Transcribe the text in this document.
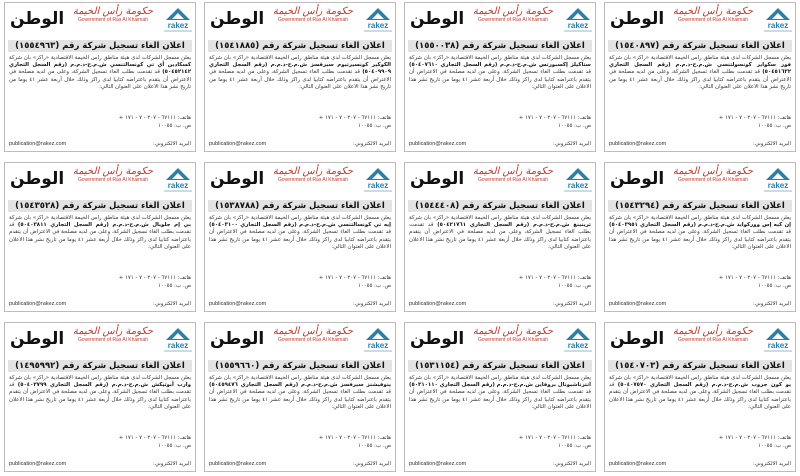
rakez
حكومة رأس الخيمة
Government of Ras Al Khaimah
الوطن
اعلان الغاء تسجيل شركة رقم (١٥٤٠٨٩٧)
يعلن مسجل الشركات لدى هيئة مناطق رأس الخيمة الاقتصادية «راكز» بأن شركة فور سكواير كونسولتنسي ش.م.ح-ذ.م.م (رقم السجل التجاري ٥٠٤٥١٦٣٢) قد تقدمت بطلب الغاء تسجيل الشركة، وعلى من لديه مصلحة في الاعتراض أن يتقدم باعتراضه كتابيا لدى راكز وذلك خلال أربعة عشر ٤١ يوما من تاريخ نشر هذا الاعلان على العنوان التالي:
هاتف: ٦٧١١١ - ٢٠٧ - ٧ - ١٧١ +
ص. ب: ١٠٠٥٥
البريد الالكتروني:
publication@rakez.com
rakez
حكومة رأس الخيمة
Government of Ras Al Khaimah
الوطن
اعلان الغاء تسجيل شركة رقم (١٥٥٠٠٣٨)
يعلن مسجل الشركات لدى هيئة مناطق رأس الخيمة الاقتصادية «راكز» بأن شركة ستاكيلز إكسبورتس ش.م.ح-ذ.م.م (رقم السجل التجاري ٥٠٤٠٧٦١٠) قد تقدمت بطلب الغاء تسجيل الشركة، وعلى من لديه مصلحة في الاعتراض أن يتقدم باعتراضه كتابيا لدى راكز وذلك خلال أربعة عشر ٤١ يوما من تاريخ نشر هذا الاعلان على العنوان التالي:
هاتف: ٦٧١١١ - ٢٠٧ - ٧ - ١٧١ +
ص. ب: ١٠٠٥٥
البريد الالكتروني:
publication@rakez.com
rakez
حكومة رأس الخيمة
Government of Ras Al Khaimah
الوطن
اعلان الغاء تسجيل شركة رقم (١٥٤١٨٨٥)
يعلن مسجل الشركات لدى هيئة مناطق رأس الخيمة الاقتصادية «راكز» بأن شركة الكوكير كونسيرتيوم سيرفسز ش.م.ح-ذ.م.م (رقم السجل التجاري ٥٠٤٠٩٩٠٩) قد تقدمت بطلب الغاء تسجيل الشركة، وعلى من لديه مصلحة في الاعتراض أن يتقدم باعتراضه كتابيا لدى راكز وذلك خلال أربعة عشر ٤١ يوما من تاريخ نشر هذا الاعلان على العنوان التالي:
هاتف: ٦٧١١١ - ٢٠٧ - ٧ - ١٧١ +
ص. ب: ١٠٠٥٥
البريد الالكتروني:
publication@rakez.com
rakez
حكومة رأس الخيمة
Government of Ras Al Khaimah
الوطن
اعلان الغاء تسجيل شركة رقم (١٥٥٤٩٦٣)
يعلن مسجل الشركات لدى هيئة مناطق رأس الخيمة الاقتصادية «راكز» بأن شركة كسكادين أي تي كونسالتنسي ش.م.ح-ذ.م.م (رقم السجل التجاري ٥٠٤٥٢١٤٢) قد تقدمت بطلب الغاء تسجيل الشركة، وعلى من لديه مصلحة في الاعتراض أن يتقدم باعتراضه كتابيا لدى راكز وذلك خلال أربعة عشر ٤١ يوما من تاريخ نشر هذا الاعلان على العنوان التالي:
هاتف: ٦٧١١١ - ٢٠٧ - ٧ - ١٧١ +
ص. ب: ١٠٠٥٥
البريد الالكتروني:
publication@rakez.com
rakez
حكومة رأس الخيمة
Government of Ras Al Khaimah
الوطن
اعلان الغاء تسجيل شركة رقم (١٥٤٣٢٩٤)
يعلن مسجل الشركات لدى هيئة مناطق رأس الخيمة الاقتصادية «راكز» بأن شركة إن كيه إس ووركوايد ش.م.ح-ذ.م.م (رقم السجل التجاري ٥٠٤٠٣٩٥١) قد تقدمت بطلب الغاء تسجيل الشركة، وعلى من لديه مصلحة في الاعتراض أن يتقدم باعتراضه كتابيا لدى راكز وذلك خلال أربعة عشر ٤١ يوما من تاريخ نشر هذا الاعلان على العنوان التالي:
هاتف: ٦٧١١١ - ٢٠٧ - ٧ - ١٧١ +
ص. ب: ١٠٠٥٥
البريد الالكتروني:
publication@rakez.com
rakez
حكومة رأس الخيمة
Government of Ras Al Khaimah
الوطن
اعلان الغاء تسجيل شركة رقم (١٥٤٤٤٠٨)
يعلن مسجل الشركات لدى هيئة مناطق رأس الخيمة الاقتصادية «راكز» بأن شركة ترينينغ ش.م.ح-ذ.م.م (رقم السجل التجاري ٥٠٤٢١٧٦١) قد تقدمت بطلب الغاء تسجيل الشركة، وعلى من لديه مصلحة في الاعتراض أن يتقدم باعتراضه كتابيا لدى راكز وذلك خلال أربعة عشر ٤١ يوما من تاريخ نشر هذا الاعلان على العنوان التالي:
هاتف: ٦٧١١١ - ٢٠٧ - ٧ - ١٧١ +
ص. ب: ١٠٠٥٥
البريد الالكتروني:
publication@rakez.com
rakez
حكومة رأس الخيمة
Government of Ras Al Khaimah
الوطن
اعلان الغاء تسجيل شركة رقم (١٥٣٨٧٨٨)
يعلن مسجل الشركات لدى هيئة مناطق رأس الخيمة الاقتصادية «راكز» بأن شركة إيه تي كونسالتنسي ش.م.ح-ذ.م.م (رقم السجل التجاري ٥٠٤٠٣١٠٠) قد تقدمت بطلب الغاء تسجيل الشركة، وعلى من لديه مصلحة في الاعتراض أن يتقدم باعتراضه كتابيا لدى راكز وذلك خلال أربعة عشر ٤١ يوما من تاريخ نشر هذا الاعلان على العنوان التالي:
هاتف: ٦٧١١١ - ٢٠٧ - ٧ - ١٧١ +
ص. ب: ١٠٠٥٥
البريد الالكتروني:
publication@rakez.com
rakez
حكومة رأس الخيمة
Government of Ras Al Khaimah
الوطن
اعلان الغاء تسجيل شركة رقم (١٥٤٣٥٢٨)
يعلن مسجل الشركات لدى هيئة مناطق رأس الخيمة الاقتصادية «راكز» بأن شركة بي إم جلوبال ش.م.ح-ذ.م.م (رقم السجل التجاري ٥٠٤٠٣٨١١) قد تقدمت بطلب الغاء تسجيل الشركة، وعلى من لديه مصلحة في الاعتراض أن يتقدم باعتراضه كتابيا لدى راكز وذلك خلال أربعة عشر ٤١ يوما من تاريخ نشر هذا الاعلان على العنوان التالي:
هاتف: ٦٧١١١ - ٢٠٧ - ٧ - ١٧١ +
ص. ب: ١٠٠٥٥
البريد الالكتروني:
publication@rakez.com
rakez
حكومة رأس الخيمة
Government of Ras Al Khaimah
الوطن
اعلان الغاء تسجيل شركة رقم (١٥٤٠٧٠٣)
يعلن مسجل الشركات لدى هيئة مناطق رأس الخيمة الاقتصادية «راكز» بأن شركة يو كون جروب ش.م.ح-ذ.م.م (رقم السجل التجاري ٥٠٤٠٧٥٧٠) قد تقدمت بطلب الغاء تسجيل الشركة، وعلى من لديه مصلحة في الاعتراض أن يتقدم باعتراضه كتابيا لدى راكز وذلك خلال أربعة عشر ٤١ يوما من تاريخ نشر هذا الاعلان على العنوان التالي:
هاتف: ٦٧١١١ - ٢٠٧ - ٧ - ١٧١ +
ص. ب: ١٠٠٥٥
البريد الالكتروني:
publication@rakez.com
rakez
حكومة رأس الخيمة
Government of Ras Al Khaimah
الوطن
اعلان الغاء تسجيل شركة رقم (١٥٣١١٥٤)
يعلن مسجل الشركات لدى هيئة مناطق رأس الخيمة الاقتصادية «راكز» بأن شركة انترناشيونال بروفاين ش.م.ح-ذ.م.م (رقم السجل التجاري ٥٠٣١٠١١٠) قد تقدمت بطلب الغاء تسجيل الشركة، وعلى من لديه مصلحة في الاعتراض أن يتقدم باعتراضه كتابيا لدى راكز وذلك خلال أربعة عشر ٤١ يوما من تاريخ نشر هذا الاعلان على العنوان التالي:
هاتف: ٦٧١١١ - ٢٠٧ - ٧ - ١٧١ +
ص. ب: ١٠٠٥٥
البريد الالكتروني:
publication@rakez.com
rakez
حكومة رأس الخيمة
Government of Ras Al Khaimah
الوطن
اعلان الغاء تسجيل شركة رقم (١٥٥٩٦٦٠)
يعلن مسجل الشركات لدى هيئة مناطق رأس الخيمة الاقتصادية «راكز» بأن شركة ينوفيشنز سيرفسز ش.م.ح-ذ.م.م (رقم السجل التجاري ٥٠٤٥٩٤٧٦) قد تقدمت بطلب الغاء تسجيل الشركة، وعلى من لديه مصلحة في الاعتراض أن يتقدم باعتراضه كتابيا لدى راكز وذلك خلال أربعة عشر ٤١ يوما من تاريخ نشر هذا الاعلان على العنوان التالي:
هاتف: ٦٧١١١ - ٢٠٧ - ٧ - ١٧١ +
ص. ب: ١٠٠٥٥
البريد الالكتروني:
publication@rakez.com
rakez
حكومة رأس الخيمة
Government of Ras Al Khaimah
الوطن
اعلان الغاء تسجيل شركة رقم (١٤٩٥٩٩٢)
يعلن مسجل الشركات لدى هيئة مناطق رأس الخيمة الاقتصادية «راكز» بأن شركة وارب أبوتيكش ش.م.ح-ذ.م.م (رقم السجل التجاري ٥٠٤٠٢٧٩٩) قد تقدمت بطلب الغاء تسجيل الشركة، وعلى من لديه مصلحة في الاعتراض أن يتقدم باعتراضه كتابيا لدى راكز وذلك خلال أربعة عشر ٤١ يوما من تاريخ نشر هذا الاعلان على العنوان التالي:
هاتف: ٦٧١١١ - ٢٠٧ - ٧ - ١٧١ +
ص. ب: ١٠٠٥٥
البريد الالكتروني:
publication@rakez.com
